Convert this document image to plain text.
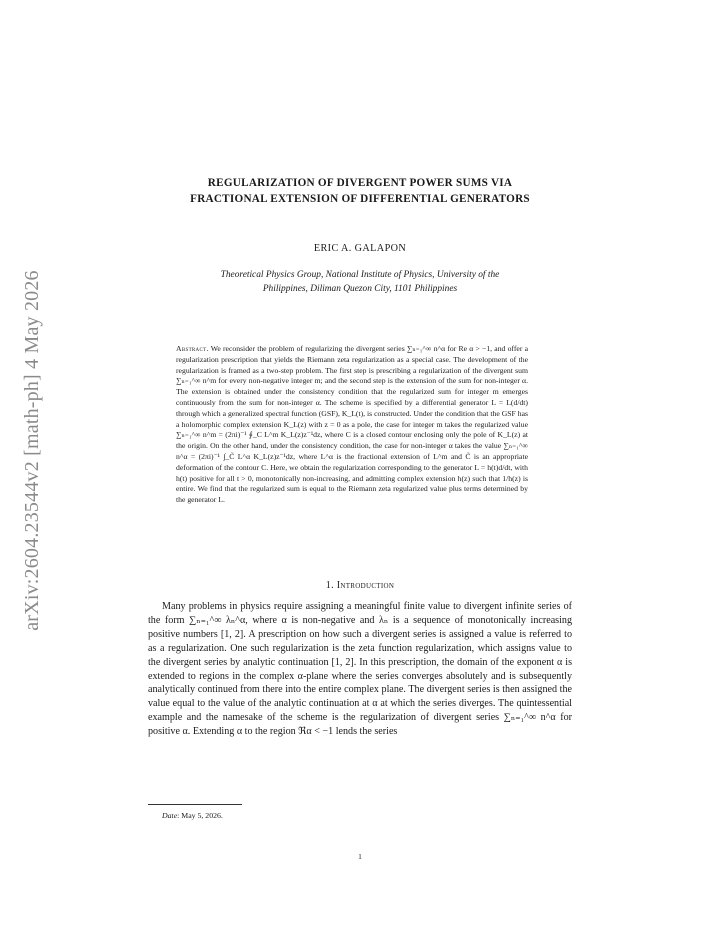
arXiv:2604.23544v2 [math-ph] 4 May 2026
REGULARIZATION OF DIVERGENT POWER SUMS VIA
FRACTIONAL EXTENSION OF DIFFERENTIAL GENERATORS
ERIC A. GALAPON
Theoretical Physics Group, National Institute of Physics, University of the
Philippines, Diliman Quezon City, 1101 Philippines
Abstract. We reconsider the problem of regularizing the divergent series ∑ₙ₌₁^∞ n^α for Re α > −1, and offer a regularization prescription that yields the Riemann zeta regularization as a special case. The development of the regularization is framed as a two-step problem. The first step is prescribing a regularization of the divergent sum ∑ₙ₌₁^∞ n^m for every non-negative integer m; and the second step is the extension of the sum for non-integer α. The extension is obtained under the consistency condition that the regularized sum for integer m emerges continuously from the sum for non-integer α. The scheme is specified by a differential generator L = L(d/dt) through which a generalized spectral function (GSF), K_L(t), is constructed. Under the condition that the GSF has a holomorphic complex extension K_L(z) with z = 0 as a pole, the case for integer m takes the regularized value ∑ₙ₌₁^∞ n^m = (2πi)⁻¹ ∮_C L^m K_L(z)z⁻¹dz, where C is a closed contour enclosing only the pole of K_L(z) at the origin. On the other hand, under the consistency condition, the case for non-integer α takes the value ∑ₙ₌₁^∞ n^α = (2πi)⁻¹ ∫_C̃ L^α K_L(z)z⁻¹dz, where L^α is the fractional extension of L^m and C̃ is an appropriate deformation of the contour C. Here, we obtain the regularization corresponding to the generator L = h(t)d/dt, with h(t) positive for all t > 0, monotonically non-increasing, and admitting complex extension h(z) such that 1/h(z) is entire. We find that the regularized sum is equal to the Riemann zeta regularized value plus terms determined by the generator L.
1. Introduction
Many problems in physics require assigning a meaningful finite value to divergent infinite series of the form ∑ₙ₌₁^∞ λₙ^α, where α is non-negative and λₙ is a sequence of monotonically increasing positive numbers [1, 2]. A prescription on how such a divergent series is assigned a value is referred to as a regularization. One such regularization is the zeta function regularization, which assigns value to the divergent series by analytic continuation [1, 2]. In this prescription, the domain of the exponent α is extended to regions in the complex α-plane where the series converges absolutely and is subsequently analytically continued from there into the entire complex plane. The divergent series is then assigned the value equal to the value of the analytic continuation at α at which the series diverges. The quintessential example and the namesake of the scheme is the regularization of divergent series ∑ₙ₌₁^∞ n^α for positive α. Extending α to the region ℜα < −1 lends the series
Date: May 5, 2026.
1
